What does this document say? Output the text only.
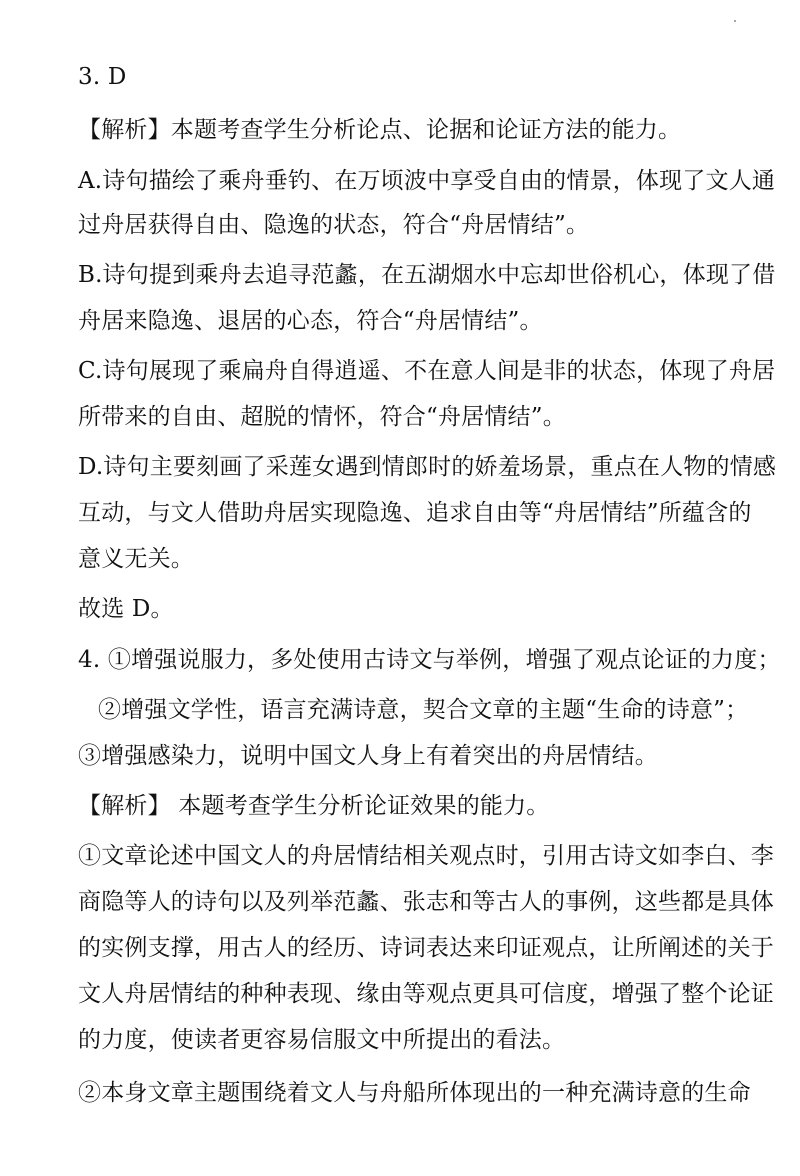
3. D
【解析】本题考查学生分析论点、论据和论证方法的能力。
A.诗句描绘了乘舟垂钓、在万顷波中享受自由的情景，体现了文人通
过舟居获得自由、隐逸的状态，符合“舟居情结”。
B.诗句提到乘舟去追寻范蠡，在五湖烟水中忘却世俗机心，体现了借
舟居来隐逸、退居的心态，符合“舟居情结”。
C.诗句展现了乘扁舟自得逍遥、不在意人间是非的状态，体现了舟居
所带来的自由、超脱的情怀，符合“舟居情结”。
D.诗句主要刻画了采莲女遇到情郎时的娇羞场景，重点在人物的情感
互动，与文人借助舟居实现隐逸、追求自由等“舟居情结”所蕴含的
意义无关。
故选 D。
4. ①增强说服力，多处使用古诗文与举例，增强了观点论证的力度；
②增强文学性，语言充满诗意，契合文章的主题“生命的诗意”；
③增强感染力，说明中国文人身上有着突出的舟居情结。
【解析】 本题考查学生分析论证效果的能力。
①文章论述中国文人的舟居情结相关观点时，引用古诗文如李白、李
商隐等人的诗句以及列举范蠡、张志和等古人的事例，这些都是具体
的实例支撑，用古人的经历、诗词表达来印证观点，让所阐述的关于
文人舟居情结的种种表现、缘由等观点更具可信度，增强了整个论证
的力度，使读者更容易信服文中所提出的看法。
②本身文章主题围绕着文人与舟船所体现出的一种充满诗意的生命
